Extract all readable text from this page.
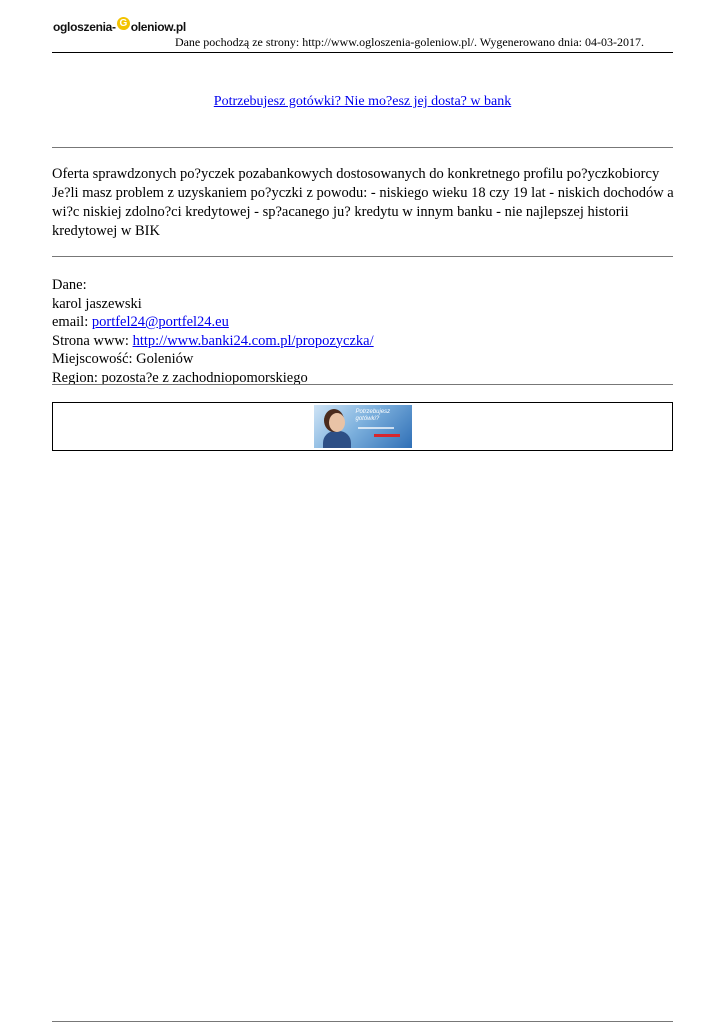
ogloszenia- G oleniow.pl
Dane pochodzą ze strony: http://www.ogloszenia-goleniow.pl/. Wygenerowano dnia: 04-03-2017.
Potrzebujesz gotówki? Nie mo?esz jej dosta? w bank
Oferta sprawdzonych po?yczek pozabankowych dostosowanych do konkretnego profilu po?yczkobiorcy Je?li masz problem z uzyskaniem po?yczki z powodu: - niskiego wieku 18 czy 19 lat - niskich dochodów a wi?c niskiej zdolno?ci kredytowej - sp?acanego ju? kredytu w innym banku - nie najlepszej historii kredytowej w BIK
Dane:
karol jaszewski
email: portfel24@portfel24.eu
Strona www: http://www.banki24.com.pl/propozyczka/
Miejscowość: Goleniów
Region: pozosta?e z zachodniopomorskiego
Potrzebujesz gotówki?
